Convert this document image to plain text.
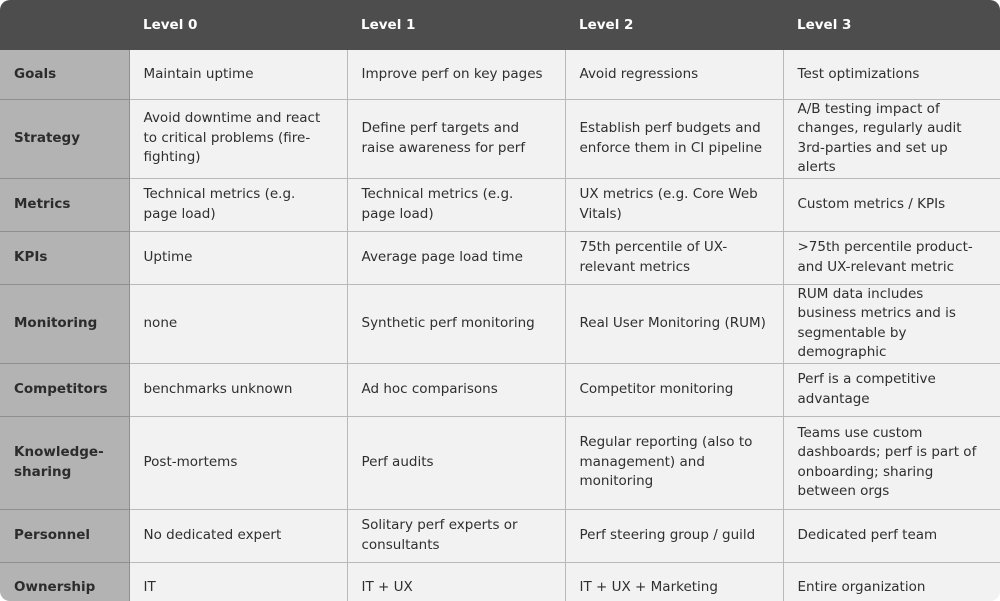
	Level 0	Level 1	Level 2	Level 3
Goals	Maintain uptime	Improve perf on key pages	Avoid regressions	Test optimizations
Strategy	Avoid downtime and react to critical problems (fire-fighting)	Define perf targets and raise awareness for perf	Establish perf budgets and enforce them in CI pipeline	A/B testing impact of changes, regularly audit 3rd-parties and set up alerts
Metrics	Technical metrics (e.g. page load)	Technical metrics (e.g. page load)	UX metrics (e.g. Core Web Vitals)	Custom metrics / KPIs
KPIs	Uptime	Average page load time	75th percentile of UX-relevant metrics	>75th percentile product- and UX-relevant metric
Monitoring	none	Synthetic perf monitoring	Real User Monitoring (RUM)	RUM data includes business metrics and is segmentable by demographic
Competitors	benchmarks unknown	Ad hoc comparisons	Competitor monitoring	Perf is a competitive advantage
Knowledge-sharing	Post-mortems	Perf audits	Regular reporting (also to management) and monitoring	Teams use custom dashboards; perf is part of onboarding; sharing between orgs
Personnel	No dedicated expert	Solitary perf experts or consultants	Perf steering group / guild	Dedicated perf team
Ownership	IT	IT + UX	IT + UX + Marketing	Entire organization
